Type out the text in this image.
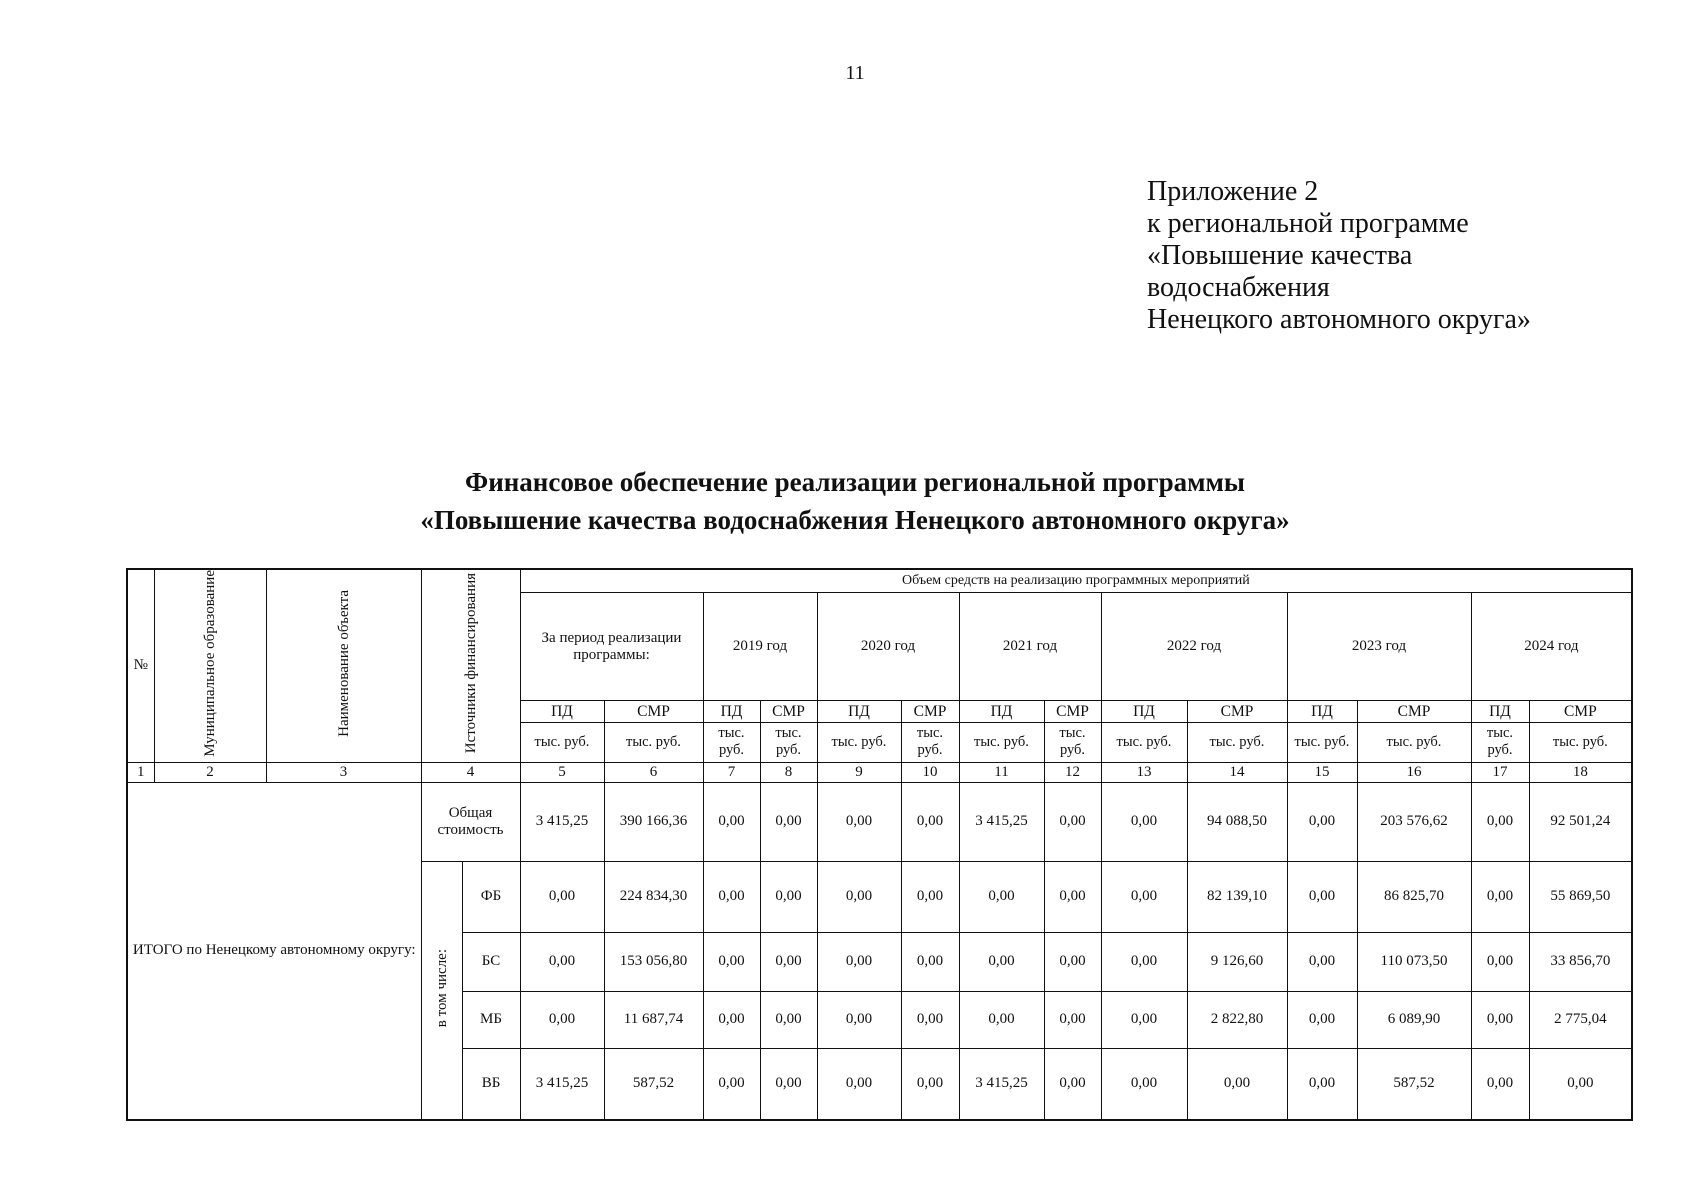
11
Приложение 2
к региональной программе
«Повышение качества
водоснабжения
Ненецкого автономного округа»
Финансовое обеспечение реализации региональной программы
«Повышение качества водоснабжения Ненецкого автономного округа»
№	Муниципальное образование	Наименование объекта	Источники финансирования		Объем средств на реализацию программных мероприятий													
					За период реализации программы:		2019 год		2020 год		2021 год		2022 год		2023 год		2024 год	
					ПД	СМР	ПД	СМР	ПД	СМР	ПД	СМР	ПД	СМР	ПД	СМР	ПД	СМР
					тыс. руб.	тыс. руб.	тыс. руб.	тыс. руб.	тыс. руб.	тыс. руб.	тыс. руб.	тыс. руб.	тыс. руб.	тыс. руб.	тыс. руб.	тыс. руб.	тыс. руб.	тыс. руб.
1	2	3	4		5	6	7	8	9	10	11	12	13	14	15	16	17	18
ИТОГО по Ненецкому автономному округу:			Общая стоимость		3 415,25	390 166,36	0,00	0,00	0,00	0,00	3 415,25	0,00	0,00	94 088,50	0,00	203 576,62	0,00	92 501,24
			в том числе:	ФБ	0,00	224 834,30	0,00	0,00	0,00	0,00	0,00	0,00	0,00	82 139,10	0,00	86 825,70	0,00	55 869,50
				БС	0,00	153 056,80	0,00	0,00	0,00	0,00	0,00	0,00	0,00	9 126,60	0,00	110 073,50	0,00	33 856,70
				МБ	0,00	11 687,74	0,00	0,00	0,00	0,00	0,00	0,00	0,00	2 822,80	0,00	6 089,90	0,00	2 775,04
				ВБ	3 415,25	587,52	0,00	0,00	0,00	0,00	3 415,25	0,00	0,00	0,00	0,00	587,52	0,00	0,00
